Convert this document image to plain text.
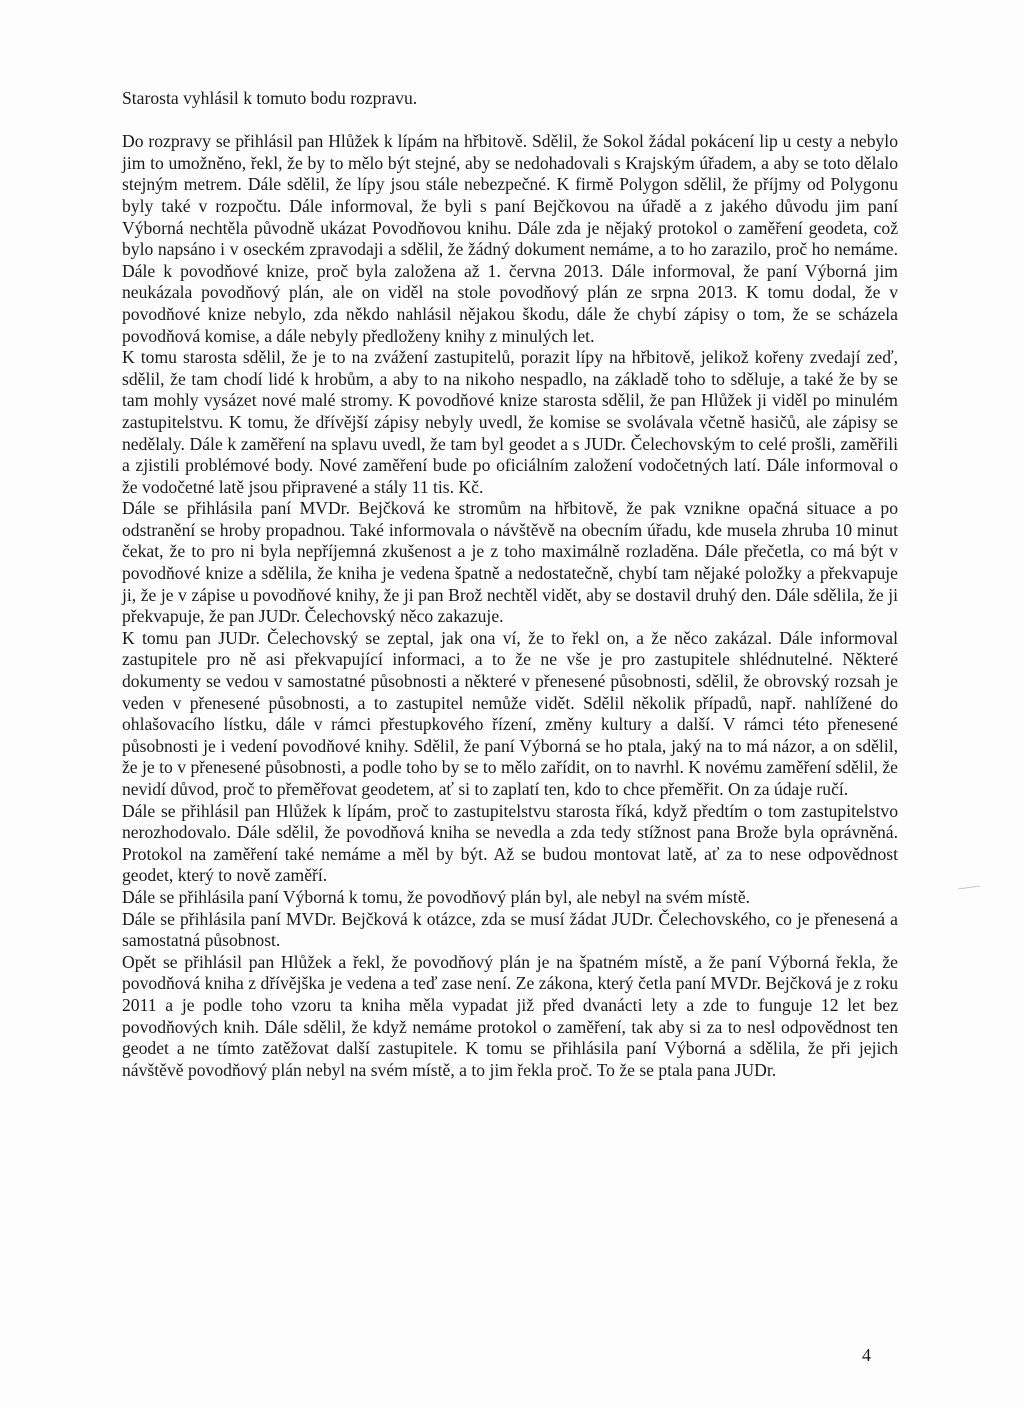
Starosta vyhlásil k tomuto bodu rozpravu.

Do rozpravy se přihlásil pan Hlůžek k lípám na hřbitově. Sdělil, že Sokol žádal pokácení lip u cesty a nebylo jim to umožněno, řekl, že by to mělo být stejné, aby se nedohadovali s Krajským úřadem, a aby se toto dělalo stejným metrem. Dále sdělil, že lípy jsou stále nebezpečné. K firmě Polygon sdělil, že příjmy od Polygonu byly také v rozpočtu. Dále informoval, že byli s paní Bejčkovou na úřadě a z jakého důvodu jim paní Výborná nechtěla původně ukázat Povodňovou knihu. Dále zda je nějaký protokol o zaměření geodeta, což bylo napsáno i v oseckém zpravodaji a sdělil, že žádný dokument nemáme, a to ho zarazilo, proč ho nemáme. Dále k povodňové knize, proč byla založena až 1. června 2013. Dále informoval, že paní Výborná jim neukázala povodňový plán, ale on viděl na stole povodňový plán ze srpna 2013. K tomu dodal, že v povodňové knize nebylo, zda někdo nahlásil nějakou škodu, dále že chybí zápisy o tom, že se scházela povodňová komise, a dále nebyly předloženy knihy z minulých let.

K tomu starosta sdělil, že je to na zvážení zastupitelů, porazit lípy na hřbitově, jelikož kořeny zvedají zeď, sdělil, že tam chodí lidé k hrobům, a aby to na nikoho nespadlo, na základě toho to sděluje, a také že by se tam mohly vysázet nové malé stromy. K povodňové knize starosta sdělil, že pan Hlůžek ji viděl po minulém zastupitelstvu. K tomu, že dřívější zápisy nebyly uvedl, že komise se svolávala včetně hasičů, ale zápisy se nedělaly. Dále k zaměření na splavu uvedl, že tam byl geodet a s JUDr. Čelechovským to celé prošli, zaměřili a zjistili problémové body. Nové zaměření bude po oficiálním založení vodočetných latí. Dále informoval o že vodočetné latě jsou připravené a stály 11 tis. Kč.

Dále se přihlásila paní MVDr. Bejčková ke stromům na hřbitově, že pak vznikne opačná situace a po odstranění se hroby propadnou. Také informovala o návštěvě na obecním úřadu, kde musela zhruba 10 minut čekat, že to pro ni byla nepříjemná zkušenost a je z toho maximálně rozladěna. Dále přečetla, co má být v povodňové knize a sdělila, že kniha je vedena špatně a nedostatečně, chybí tam nějaké položky a překvapuje ji, že je v zápise u povodňové knihy, že ji pan Brož nechtěl vidět, aby se dostavil druhý den. Dále sdělila, že ji překvapuje, že pan JUDr. Čelechovský něco zakazuje.

K tomu pan JUDr. Čelechovský se zeptal, jak ona ví, že to řekl on, a že něco zakázal. Dále informoval zastupitele pro ně asi překvapující informaci, a to že ne vše je pro zastupitele shlédnutelné. Některé dokumenty se vedou v samostatné působnosti a některé v přenesené působnosti, sdělil, že obrovský rozsah je veden v přenesené působnosti, a to zastupitel nemůže vidět. Sdělil několik případů, např. nahlížené do ohlašovacího lístku, dále v rámci přestupkového řízení, změny kultury a další. V rámci této přenesené působnosti je i vedení povodňové knihy. Sdělil, že paní Výborná se ho ptala, jaký na to má názor, a on sdělil, že je to v přenesené působnosti, a podle toho by se to mělo zařídit, on to navrhl. K novému zaměření sdělil, že nevidí důvod, proč to přeměřovat geodetem, ať si to zaplatí ten, kdo to chce přeměřit. On za údaje ručí.

Dále se přihlásil pan Hlůžek k lípám, proč to zastupitelstvu starosta říká, když předtím o tom zastupitelstvo nerozhodovalo. Dále sdělil, že povodňová kniha se nevedla a zda tedy stížnost pana Brože byla oprávněná. Protokol na zaměření také nemáme a měl by být. Až se budou montovat latě, ať za to nese odpovědnost geodet, který to nově zaměří.

Dále se přihlásila paní Výborná k tomu, že povodňový plán byl, ale nebyl na svém místě.

Dále se přihlásila paní MVDr. Bejčková k otázce, zda se musí žádat JUDr. Čelechovského, co je přenesená a samostatná působnost.

Opět se přihlásil pan Hlůžek a řekl, že povodňový plán je na špatném místě, a že paní Výborná řekla, že povodňová kniha z dřívějška je vedena a teď zase není. Ze zákona, který četla paní MVDr. Bejčková je z roku 2011 a je podle toho vzoru ta kniha měla vypadat již před dvanácti lety a zde to funguje 12 let bez povodňových knih. Dále sdělil, že když nemáme protokol o zaměření, tak aby si za to nesl odpovědnost ten geodet a ne tímto zatěžovat další zastupitele. K tomu se přihlásila paní Výborná a sdělila, že při jejich návštěvě povodňový plán nebyl na svém místě, a to jim řekla proč. To že se ptala pana JUDr.

4
